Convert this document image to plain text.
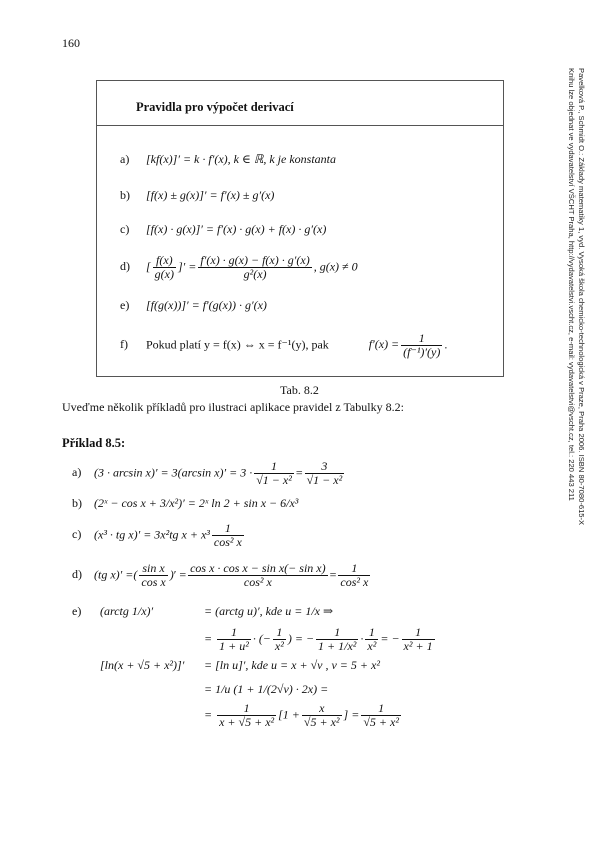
160
Pavelková P., Schmidt O.: Základy matematiky 1, vyd. Vysoká škola chemicko-technologická v Praze, Praha 2006. ISBN 80-7080-615-X
Knihu lze objednat ve vydavatelství VŠCHT Praha, http://vydavatelstvi.vscht.cz, e-mail: vydavatelstvi@vscht.cz, tel.: 220 443 211
Pravidla pro výpočet derivací
a) [kf(x)]′ = k · f′(x), k ∈ ℝ, k je konstanta
b) [f(x) ± g(x)]′ = f′(x) ± g′(x)
c) [f(x) · g(x)]′ = f′(x) · g(x) + f(x) · g′(x)
d) [ $\frac{f(x)}{g(x)}$ ]′ = $\frac{f'(x) \cdot g(x) - f(x) \cdot g'(x)}{\text{g²(x)}}$ , g(x) ≠ 0
e) [f(g(x))]′ = f′(g(x)) · g′(x)
f) Pokud platí y = f(x) ⇔ x = f⁻¹(y), pak	$f'(x) = \frac{1}{\text{(f⁻¹)′(y)}}$ .
Tab. 8.2
Uveďme několik příkladů pro ilustraci aplikace pravidel z Tabulky 8.2:
Příklad 8.5:
a) (3 · arcsin x)′ = 3(arcsin $x)' = 3 \cdot \frac{1}{\text{√1 − x²}} = \frac{3}{\text{√1 − x²}}$
b) (2ˣ − cos x + 3/x²)′ = 2ˣ ln 2 + sin x − 6/x³
c) (x³ · tg x)′ = 3x²tg $x + x^3 \frac{1}{\text{cos² x}}$
d) (tg x)′ =( $\frac{\text{sin x}}{\text{cos x}}$ )′ = $\frac{\text{cos x · cos x − sin x(− sin x)}}{\text{cos² x}} = \frac{1}{\text{cos² x}}$
e) (arctg 1/x)′	= (arctg u)′, kde u = 1/x ⇒
= $\frac{1}{\text{1 + u²}}$ · (− $\frac{1}{\text{x²}}$ ) = − $\frac{1}{\text{1 + 1/x²}} \cdot \frac{1}{\text{x²}}$ = − $\frac{1}{\text{x² + 1}}$
[ln(x + √5 + x²)]′ = [ln u]′, kde u = x + √v , v = 5 + x²
= 1/u (1 + 1/(2√v) · 2x) =
= $\frac{1}{\text{x + √5 + x²}} [1 + \frac{x}{\text{√5 + x²}}$ ] = $\frac{1}{\text{√5 + x²}}$
